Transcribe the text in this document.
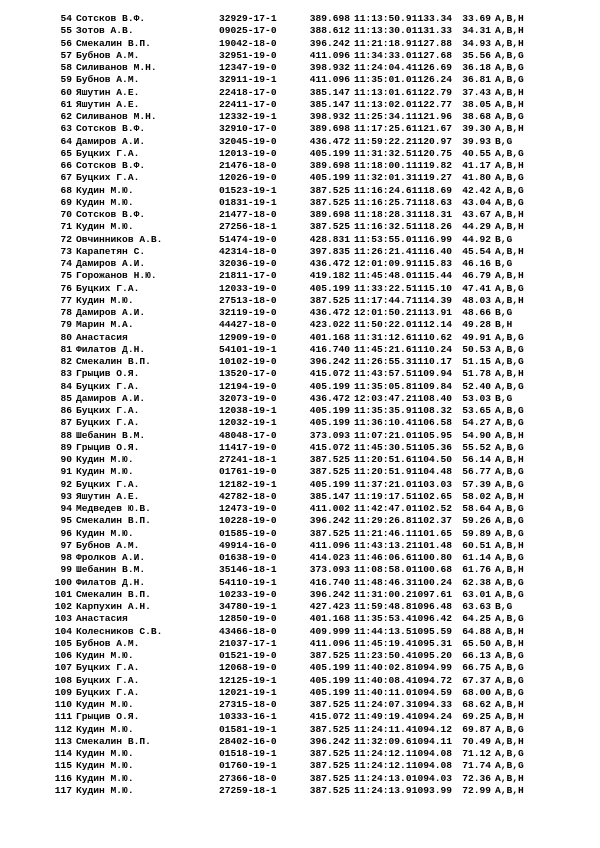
54 Сотсков В.Ф.	32929-17-1	389.698 11:13:50.9 1133.34 33.69 A,B,H
55 Зотов А.В.	09025-17-0	388.612 11:13:30.0 1131.33 34.31 A,B,H
56 Смекалин В.П.	19042-18-0	396.242 11:21:18.9 1127.88 34.93 A,B,H
57 Бубнов А.М.	32951-19-0	411.096 11:34:33.0 1127.68 35.56 A,B,G
58 Силиванов М.Н.	12347-19-0	398.932 11:24:04.4 1126.69 36.18 A,B,G
59 Бубнов А.М.	32911-19-1	411.096 11:35:01.0 1126.24 36.81 A,B,G
60 Яшутин А.Е.	22418-17-0	385.147 11:13:01.6 1122.79 37.43 A,B,H
61 Яшутин А.Е.	22411-17-0	385.147 11:13:02.0 1122.77 38.05 A,B,H
62 Силиванов М.Н.	12332-19-1	398.932 11:25:34.1 1121.96 38.68 A,B,G
63 Сотсков В.Ф.	32910-17-0	389.698 11:17:25.6 1121.67 39.30 A,B,H
64 Дамиров А.И.	32045-19-0	436.472 11:59:22.2 1120.97 39.93 B,G
65 Буцких Г.А.	12013-19-0	405.199 11:31:32.5 1120.75 40.55 A,B,G
66 Сотсков В.Ф.	21476-18-0	389.698 11:18:00.1 1119.82 41.17 A,B,H
67 Буцких Г.А.	12026-19-0	405.199 11:32:01.3 1119.27 41.80 A,B,G
68 Кудин М.Ю.	01523-19-1	387.525 11:16:24.6 1118.69 42.42 A,B,G
69 Кудин М.Ю.	01831-19-1	387.525 11:16:25.7 1118.63 43.04 A,B,G
70 Сотсков В.Ф.	21477-18-0	389.698 11:18:28.3 1118.31 43.67 A,B,H
71 Кудин М.Ю.	27256-18-1	387.525 11:16:32.5 1118.26 44.29 A,B,H
72 Овчинников А.В.	51474-19-0	428.831 11:53:55.0 1116.99 44.92 B,G
73 Карапетян С.	42314-18-0	397.835 11:26:21.4 1116.40 45.54 A,B,H
74 Дамиров А.И.	32036-19-0	436.472 12:01:09.9 1115.83 46.16 B,G
75 Горожанов Н.Ю.	21811-17-0	419.182 11:45:48.0 1115.44 46.79 A,B,H
76 Буцких Г.А.	12033-19-0	405.199 11:33:22.5 1115.10 47.41 A,B,G
77 Кудин М.Ю.	27513-18-0	387.525 11:17:44.7 1114.39 48.03 A,B,H
78 Дамиров А.И.	32119-19-0	436.472 12:01:50.2 1113.91 48.66 B,G
79 Марин М.А.	44427-18-0	423.022 11:50:22.0 1112.14 49.28 B,H
80 Анастасия	12909-19-0	401.168 11:31:12.6 1110.62 49.91 A,B,G
81 Филатов Д.Н.	54101-19-1	416.740 11:45:21.6 1110.24 50.53 A,B,G
82 Смекалин В.П.	10102-19-0	396.242 11:26:55.3 1110.17 51.15 A,B,G
83 Грыцив О.Я.	13520-17-0	415.072 11:43:57.5 1109.94 51.78 A,B,H
84 Буцких Г.А.	12194-19-0	405.199 11:35:05.8 1109.84 52.40 A,B,G
85 Дамиров А.И.	32073-19-0	436.472 12:03:47.2 1108.40 53.03 B,G
86 Буцких Г.А.	12038-19-1	405.199 11:35:35.9 1108.32 53.65 A,B,G
87 Буцких Г.А.	12032-19-1	405.199 11:36:10.4 1106.58 54.27 A,B,G
88 Шебанин В.М.	48048-17-0	373.093 11:07:21.0 1105.95 54.90 A,B,H
89 Грыцив О.Я.	11417-19-0	415.072 11:45:30.5 1105.36 55.52 A,B,G
90 Кудин М.Ю.	27241-18-1	387.525 11:20:51.6 1104.50 56.14 A,B,H
91 Кудин М.Ю.	01761-19-0	387.525 11:20:51.9 1104.48 56.77 A,B,G
92 Буцких Г.А.	12182-19-1	405.199 11:37:21.0 1103.03 57.39 A,B,G
93 Яшутин А.Е.	42782-18-0	385.147 11:19:17.5 1102.65 58.02 A,B,H
94 Медведев Ю.В.	12473-19-0	411.002 11:42:47.0 1102.52 58.64 A,B,G
95 Смекалин В.П.	10228-19-0	396.242 11:29:26.8 1102.37 59.26 A,B,G
96 Кудин М.Ю.	01585-19-0	387.525 11:21:46.1 1101.65 59.89 A,B,G
97 Бубнов А.М.	49914-16-0	411.096 11:43:13.2 1101.48 60.51 A,B,H
98 Фролков А.И.	01638-19-0	414.023 11:46:06.6 1100.80 61.14 A,B,G
99 Шебанин В.М.	35146-18-1	373.093 11:08:58.0 1100.68 61.76 A,B,H
100 Филатов Д.Н.	54110-19-1	416.740 11:48:46.3 1100.24 62.38 A,B,G
101 Смекалин В.П.	10233-19-0	396.242 11:31:00.2 1097.61 63.01 A,B,G
102 Карпухин А.Н.	34780-19-1	427.423 11:59:48.8 1096.48 63.63 B,G
103 Анастасия	12850-19-0	401.168 11:35:53.4 1096.42 64.25 A,B,G
104 Колесников С.В.	43466-18-0	409.999 11:44:13.5 1095.59 64.88 A,B,H
105 Бубнов А.М.	21037-17-1	411.096 11:45:19.4 1095.31 65.50 A,B,H
106 Кудин М.Ю.	01521-19-0	387.525 11:23:50.4 1095.20 66.13 A,B,G
107 Буцких Г.А.	12068-19-0	405.199 11:40:02.8 1094.99 66.75 A,B,G
108 Буцких Г.А.	12125-19-1	405.199 11:40:08.4 1094.72 67.37 A,B,G
109 Буцких Г.А.	12021-19-1	405.199 11:40:11.0 1094.59 68.00 A,B,G
110 Кудин М.Ю.	27315-18-0	387.525 11:24:07.3 1094.33 68.62 A,B,H
111 Грыцив О.Я.	10333-16-1	415.072 11:49:19.4 1094.24 69.25 A,B,H
112 Кудин М.Ю.	01581-19-1	387.525 11:24:11.4 1094.12 69.87 A,B,G
113 Смекалин В.П.	28402-16-0	396.242 11:32:09.6 1094.11 70.49 A,B,H
114 Кудин М.Ю.	01518-19-1	387.525 11:24:12.1 1094.08 71.12 A,B,G
115 Кудин М.Ю.	01760-19-1	387.525 11:24:12.1 1094.08 71.74 A,B,G
116 Кудин М.Ю.	27366-18-0	387.525 11:24:13.0 1094.03 72.36 A,B,H
117 Кудин М.Ю.	27259-18-1	387.525 11:24:13.9 1093.99 72.99 A,B,H
